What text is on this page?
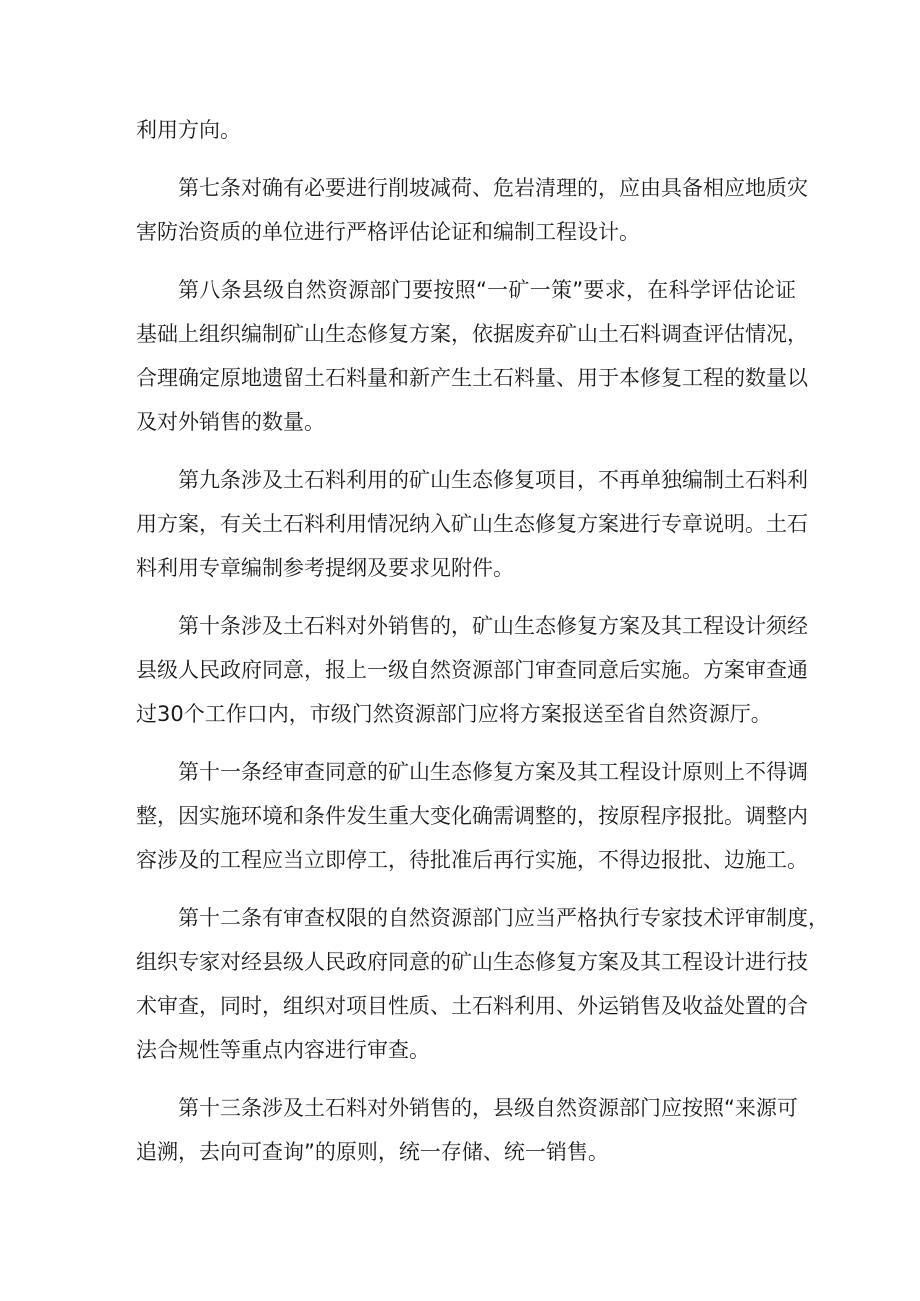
利用方向。

第七条对确有必要进行削坡减荷、危岩清理的，应由具备相应地质灾
害防治资质的单位进行严格评估论证和编制工程设计。

第八条县级自然资源部门要按照“一矿一策”要求，在科学评估论证
基础上组织编制矿山生态修复方案，依据废弃矿山土石料调查评估情况，
合理确定原地遗留土石料量和新产生土石料量、用于本修复工程的数量以
及对外销售的数量。

第九条涉及土石料利用的矿山生态修复项目，不再单独编制土石料利
用方案，有关土石料利用情况纳入矿山生态修复方案进行专章说明。土石
料利用专章编制参考提纲及要求见附件。

第十条涉及土石料对外销售的，矿山生态修复方案及其工程设计须经
县级人民政府同意，报上一级自然资源部门审查同意后实施。方案审查通
过30个工作口内，市级门然资源部门应将方案报送至省自然资源厅。

第十一条经审查同意的矿山生态修复方案及其工程设计原则上不得调
整，因实施环境和条件发生重大变化确需调整的，按原程序报批。调整内
容涉及的工程应当立即停工，待批准后再行实施，不得边报批、边施工。

第十二条有审查权限的自然资源部门应当严格执行专家技术评审制度，
组织专家对经县级人民政府同意的矿山生态修复方案及其工程设计进行技
术审查，同时，组织对项目性质、土石料利用、外运销售及收益处置的合
法合规性等重点内容进行审查。

第十三条涉及土石料对外销售的，县级自然资源部门应按照“来源可
追溯，去向可查询”的原则，统一存储、统一销售。
